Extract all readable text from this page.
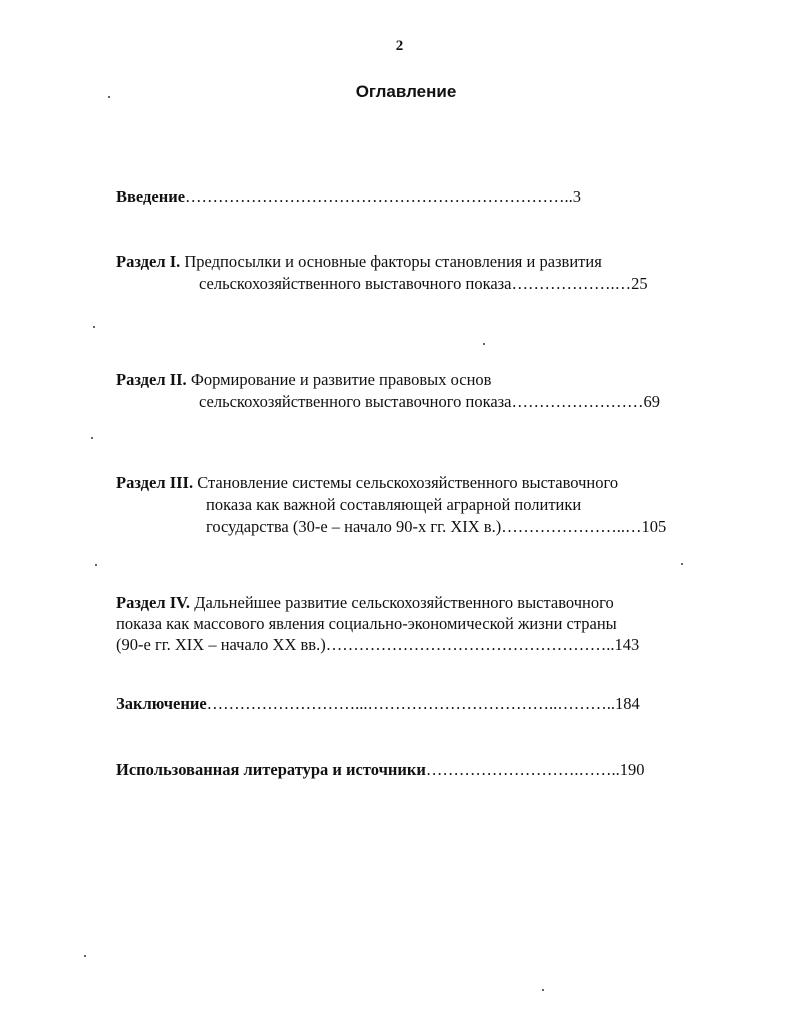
2
Оглавление
Введение……………………………………………………………..3
Раздел I. Предпосылки и основные факторы становления и развития
сельскохозяйственного выставочного показа……………….…25
Раздел II. Формирование и развитие правовых основ
сельскохозяйственного выставочного показа……………………69
Раздел III. Становление системы сельскохозяйственного выставочного
показа как важной составляющей аграрной политики
государства (30-е – начало 90-х гг. XIX в.)…………………..…105
Раздел IV. Дальнейшее развитие сельскохозяйственного выставочного
показа как массового явления социально-экономической жизни страны
(90-е гг. XIX – начало XX вв.)……………………………………………..143
Заключение………………………...……………………………..………..184
Использованная литература и источники……………………….……..190
